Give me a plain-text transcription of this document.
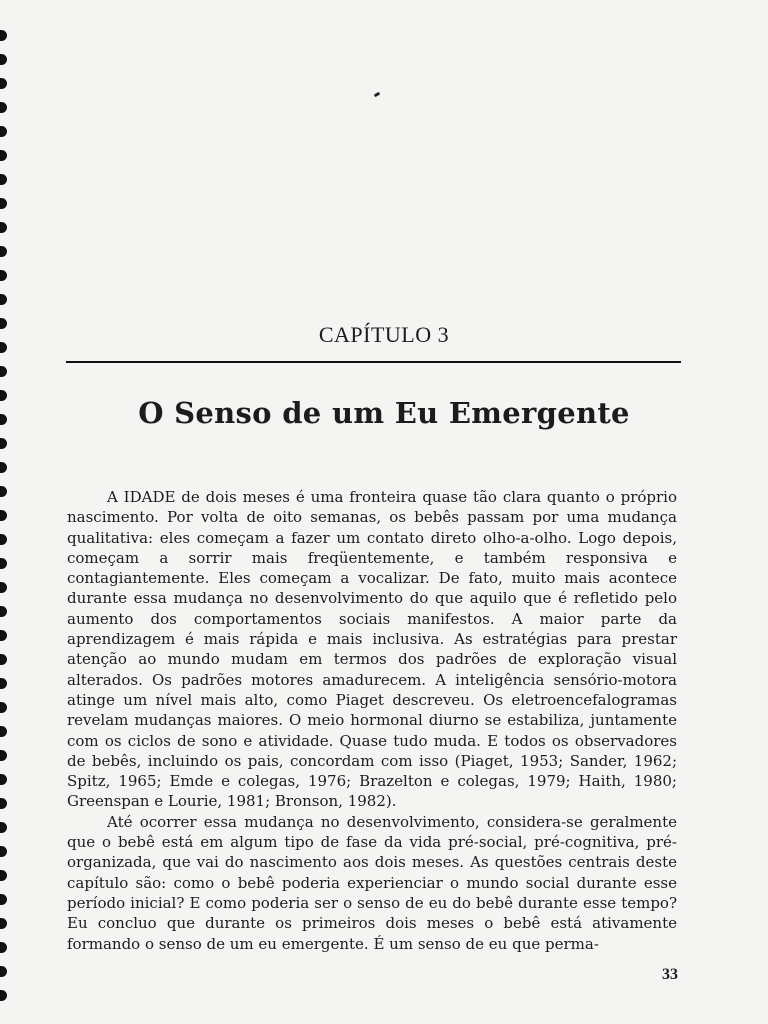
CAPÍTULO 3
O Senso de um Eu Emergente

A IDADE de dois meses é uma fronteira quase tão clara quanto o próprio nascimento. Por volta de oito semanas, os bebês passam por uma mudança qualitativa: eles começam a fazer um contato direto olho-a-olho. Logo depois, começam a sorrir mais freqüentemente, e também responsiva e contagiantemente. Eles começam a vocalizar. De fato, muito mais acontece durante essa mudança no desenvolvimento do que aquilo que é refletido pelo aumento dos comportamentos sociais manifestos. A maior parte da aprendizagem é mais rápida e mais inclusiva. As estratégias para prestar atenção ao mundo mudam em termos dos padrões de exploração visual alterados. Os padrões motores amadurecem. A inteligência sensório-motora atinge um nível mais alto, como Piaget descreveu. Os eletroencefalogramas revelam mudanças maiores. O meio hormonal diurno se estabiliza, juntamente com os ciclos de sono e atividade. Quase tudo muda. E todos os observadores de bebês, incluindo os pais, concordam com isso (Piaget, 1953; Sander, 1962; Spitz, 1965; Emde e colegas, 1976; Brazelton e colegas, 1979; Haith, 1980; Greenspan e Lourie, 1981; Bronson, 1982).

Até ocorrer essa mudança no desenvolvimento, considera-se geralmente que o bebê está em algum tipo de fase da vida pré-social, pré-cognitiva, pré-organizada, que vai do nascimento aos dois meses. As questões centrais deste capítulo são: como o bebê poderia experienciar o mundo social durante esse período inicial? E como poderia ser o senso de eu do bebê durante esse tempo? Eu concluo que durante os primeiros dois meses o bebê está ativamente formando o senso de um eu emergente. É um senso de eu que perma-

33
